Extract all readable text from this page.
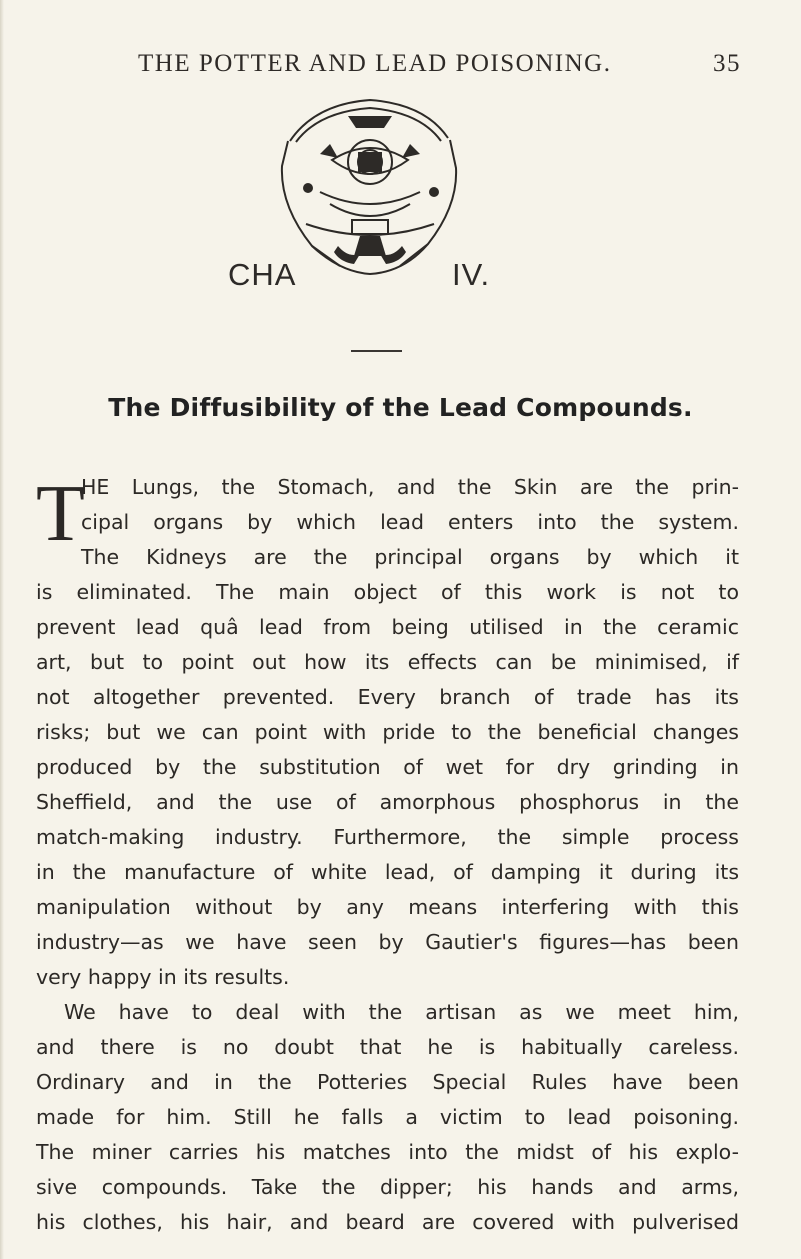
THE POTTER AND LEAD POISONING.	35
CHA	IV.
The Diffusibility of the Lead Compounds.
T
HE Lungs, the Stomach, and the Skin are the prin-
cipal organs by which lead enters into the system.
The Kidneys are the principal organs by which it
is eliminated. The main object of this work is not to
prevent lead quâ lead from being utilised in the ceramic
art, but to point out how its effects can be minimised, if
not altogether prevented. Every branch of trade has its
risks; but we can point with pride to the beneficial changes
produced by the substitution of wet for dry grinding in
Sheffield, and the use of amorphous phosphorus in the
match-making industry. Furthermore, the simple process
in the manufacture of white lead, of damping it during its
manipulation without by any means interfering with this
industry—as we have seen by Gautier's figures—has been
very happy in its results.
We have to deal with the artisan as we meet him,
and there is no doubt that he is habitually careless.
Ordinary and in the Potteries Special Rules have been
made for him. Still he falls a victim to lead poisoning.
The miner carries his matches into the midst of his explo-
sive compounds. Take the dipper; his hands and arms,
his clothes, his hair, and beard are covered with pulverised
